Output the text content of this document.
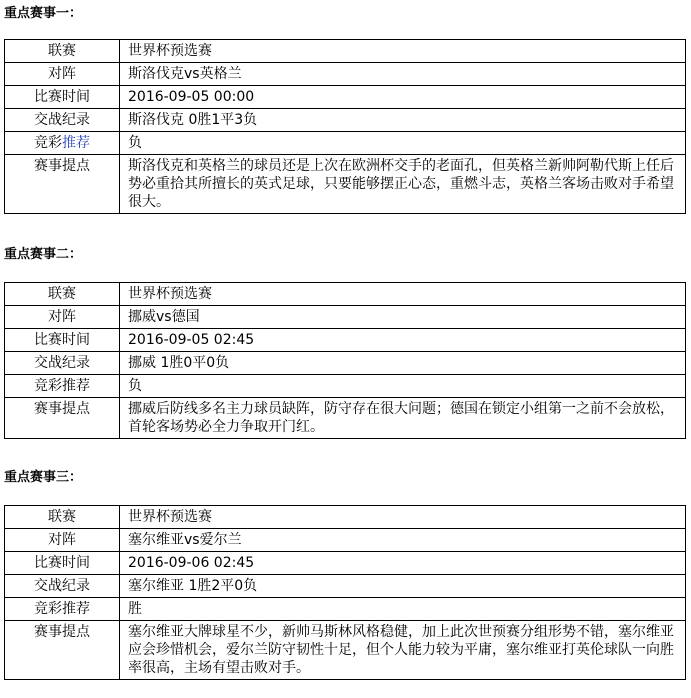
重点赛事一：
联赛	世界杯预选赛
对阵	斯洛伐克vs英格兰
比赛时间	2016-09-05 00:00
交战纪录	斯洛伐克 0胜1平3负
竞彩推荐	负
赛事提点	斯洛伐克和英格兰的球员还是上次在欧洲杯交手的老面孔，但英格兰新帅阿勒代斯上任后势必重拾其所擅长的英式足球，只要能够摆正心态，重燃斗志，英格兰客场击败对手希望很大。
重点赛事二：
联赛	世界杯预选赛
对阵	挪威vs德国
比赛时间	2016-09-05 02:45
交战纪录	挪威 1胜0平0负
竞彩推荐	负
赛事提点	挪威后防线多名主力球员缺阵，防守存在很大问题；德国在锁定小组第一之前不会放松，首轮客场势必全力争取开门红。
重点赛事三：
联赛	世界杯预选赛
对阵	塞尔维亚vs爱尔兰
比赛时间	2016-09-06 02:45
交战纪录	塞尔维亚 1胜2平0负
竞彩推荐	胜
赛事提点	塞尔维亚大牌球星不少，新帅马斯林风格稳健，加上此次世预赛分组形势不错，塞尔维亚应会珍惜机会，爱尔兰防守韧性十足，但个人能力较为平庸，塞尔维亚打英伦球队一向胜率很高，主场有望击败对手。
